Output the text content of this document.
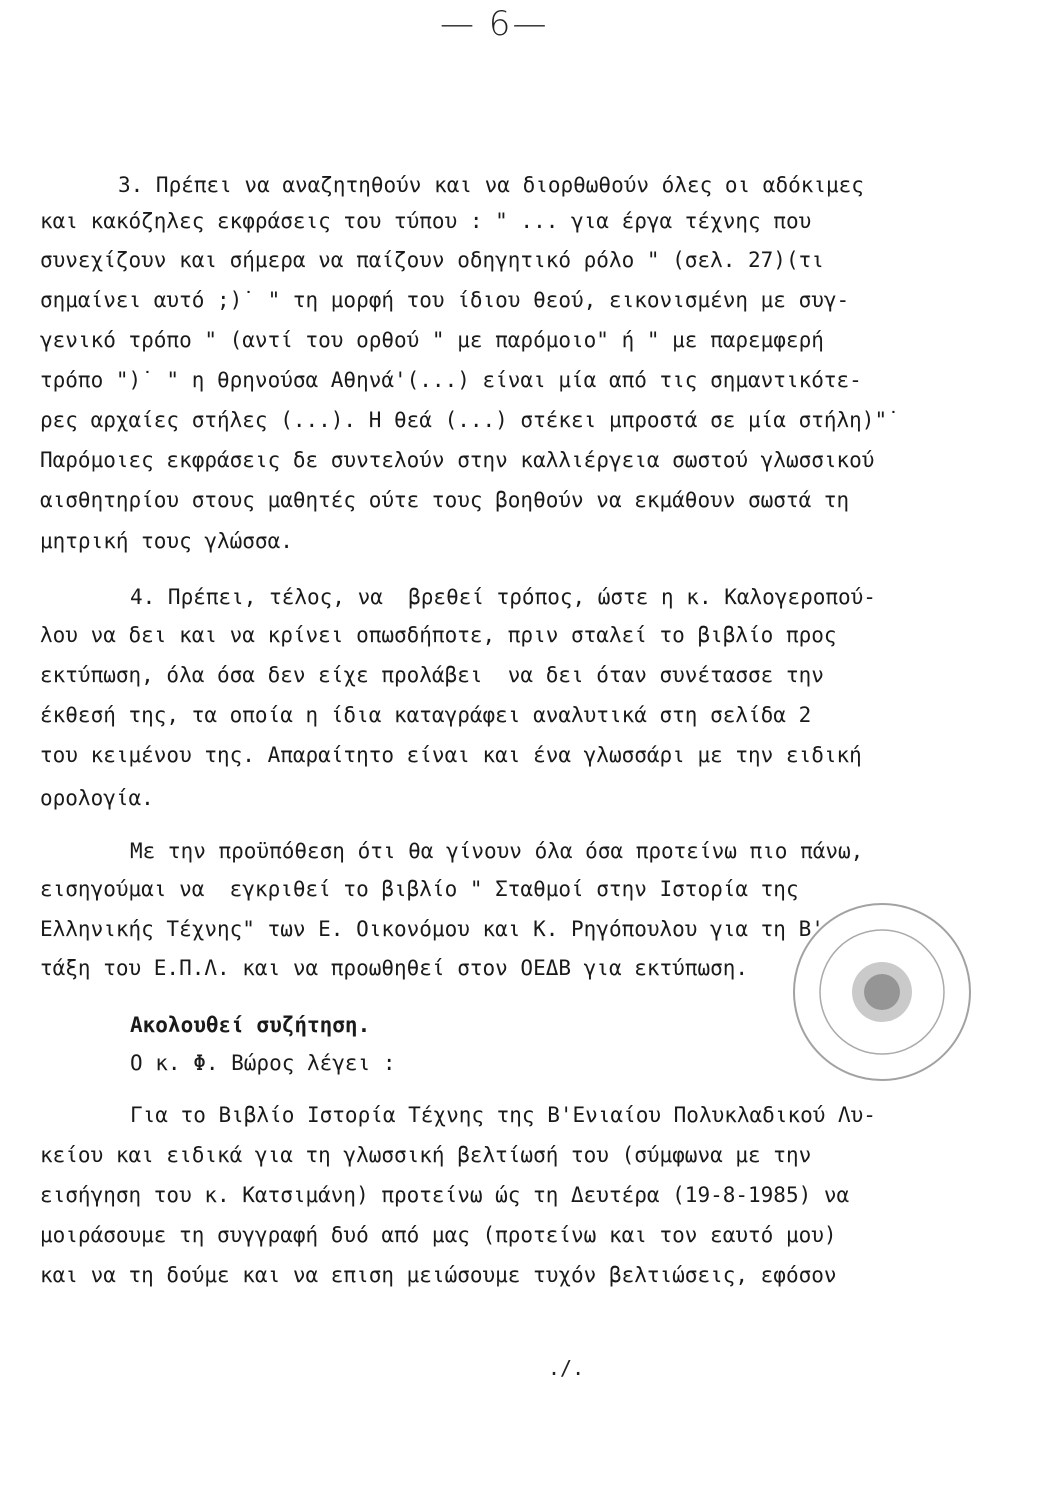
— 6—
3. Πρέπει να αναζητηθούν και να διορθωθούν όλες οι αδόκιμες
και κακόζηλες εκφράσεις του τύπου : " ... για έργα τέχνης που
συνεχίζουν και σήμερα να παίζουν οδηγητικό ρόλο " (σελ. 27)(τι
σημαίνει αυτό ;)˙ " τη μορφή του ίδιου θεού, εικονισμένη με συγ-
γενικό τρόπο " (αντί του ορθού " με παρόμοιο" ή " με παρεμφερή
τρόπο ")˙ " η θρηνούσα Αθηνά'(...) είναι μία από τις σημαντικότε-
ρες αρχαίες στήλες (...). Η θεά (...) στέκει μπροστά σε μία στήλη)"˙
Παρόμοιες εκφράσεις δε συντελούν στην καλλιέργεια σωστού γλωσσικού
αισθητηρίου στους μαθητές ούτε τους βοηθούν να εκμάθουν σωστά τη
μητρική τους γλώσσα.
4. Πρέπει, τέλος, να  βρεθεί τρόπος, ώστε η κ. Καλογεροπού-
λου να δει και να κρίνει οπωσδήποτε, πριν σταλεί το βιβλίο προς
εκτύπωση, όλα όσα δεν είχε προλάβει  να δει όταν συνέτασσε την
έκθεσή της, τα οποία η ίδια καταγράφει αναλυτικά στη σελίδα 2
του κειμένου της. Απαραίτητο είναι και ένα γλωσσάρι με την ειδική
ορολογία.
Με την προϋπόθεση ότι θα γίνουν όλα όσα προτείνω πιο πάνω,
εισηγούμαι να  εγκριθεί το βιβλίο " Σταθμοί στην Ιστορία της
Ελληνικής Τέχνης" των Ε. Οικονόμου και Κ. Ρηγόπουλου για τη Β'
τάξη του Ε.Π.Λ. και να προωθηθεί στον ΟΕΔΒ για εκτύπωση.
Ακολουθεί συζήτηση.
Ο κ. Φ. Βώρος λέγει :
Για το Βιβλίο Ιστορία Τέχνης της Β'Ενιαίου Πολυκλαδικού Λυ-
κείου και ειδικά για τη γλωσσική βελτίωσή του (σύμφωνα με την
εισήγηση του κ. Κατσιμάνη) προτείνω ώς τη Δευτέρα (19-8-1985) να
μοιράσουμε τη συγγραφή δυό από μας (προτείνω και τον εαυτό μου)
και να τη δούμε και να επιση μειώσουμε τυχόν βελτιώσεις, εφόσον
./.
